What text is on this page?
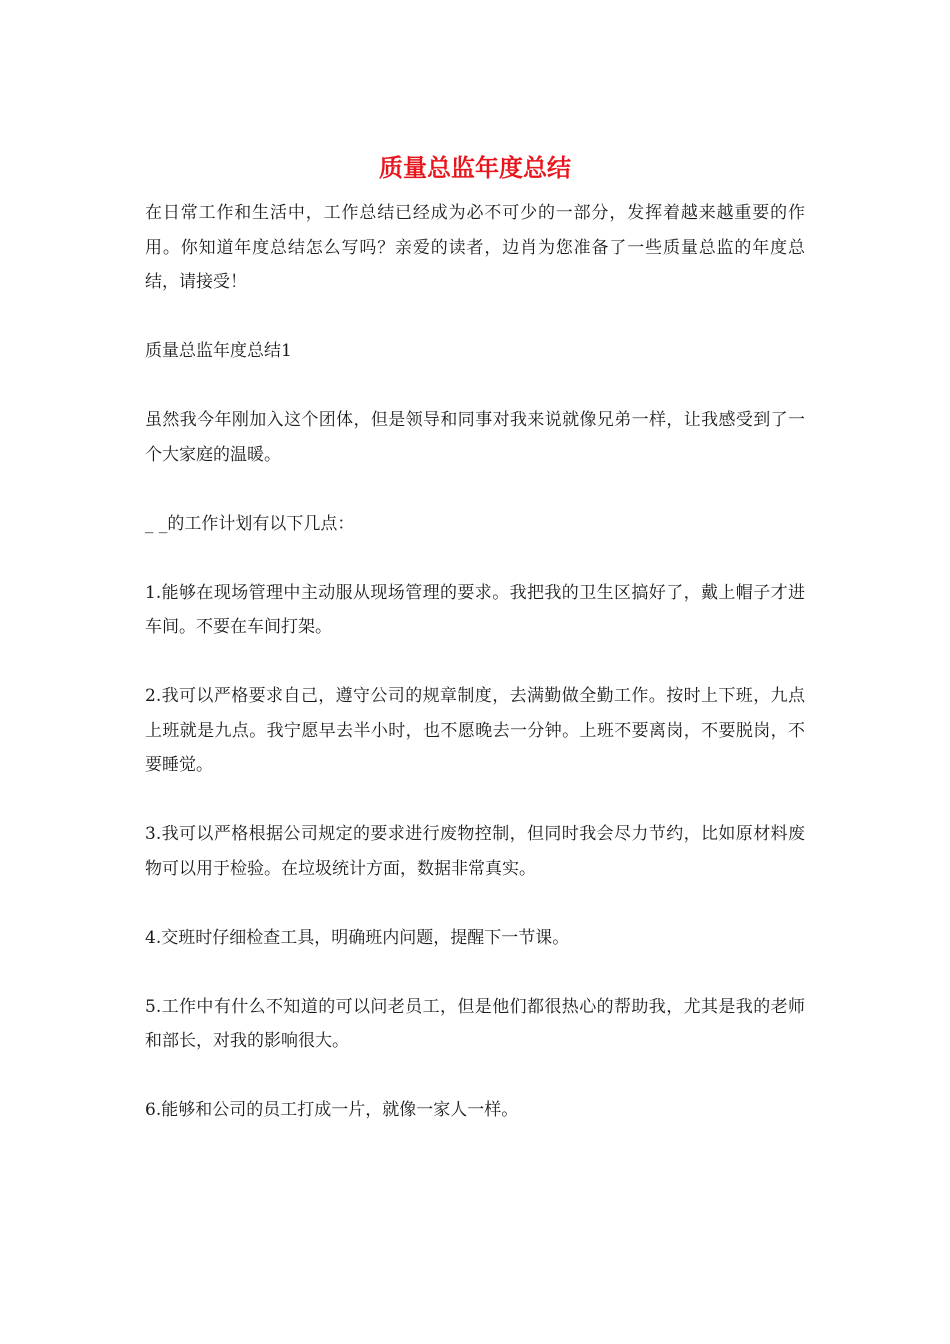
质量总监年度总结

在日常工作和生活中，工作总结已经成为必不可少的一部分，发挥着越来越重要的作用。你知道年度总结怎么写吗？亲爱的读者，边肖为您准备了一些质量总监的年度总结，请接受！

质量总监年度总结1

虽然我今年刚加入这个团体，但是领导和同事对我来说就像兄弟一样，让我感受到了一个大家庭的温暖。

_ _的工作计划有以下几点：

1.能够在现场管理中主动服从现场管理的要求。我把我的卫生区搞好了，戴上帽子才进车间。不要在车间打架。

2.我可以严格要求自己，遵守公司的规章制度，去满勤做全勤工作。按时上下班，九点上班就是九点。我宁愿早去半小时，也不愿晚去一分钟。上班不要离岗，不要脱岗，不要睡觉。

3.我可以严格根据公司规定的要求进行废物控制，但同时我会尽力节约，比如原材料废物可以用于检验。在垃圾统计方面，数据非常真实。

4.交班时仔细检查工具，明确班内问题，提醒下一节课。

5.工作中有什么不知道的可以问老员工，但是他们都很热心的帮助我，尤其是我的老师和部长，对我的影响很大。

6.能够和公司的员工打成一片，就像一家人一样。
